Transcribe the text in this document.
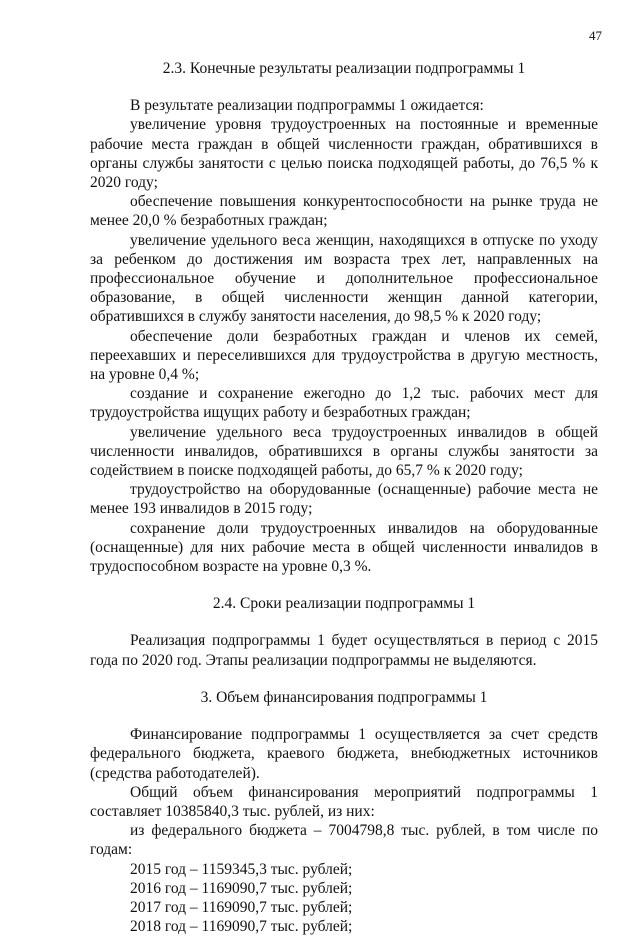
47

2.3. Конечные результаты реализации подпрограммы 1

В результате реализации подпрограммы 1 ожидается:

увеличение уровня трудоустроенных на постоянные и временные рабочие места граждан в общей численности граждан, обратившихся в органы службы занятости с целью поиска подходящей работы, до 76,5 % к 2020 году;

обеспечение повышения конкурентоспособности на рынке труда не менее 20,0 % безработных граждан;

увеличение удельного веса женщин, находящихся в отпуске по уходу за ребенком до достижения им возраста трех лет, направленных на профессиональное обучение и дополнительное профессиональное образование, в общей численности женщин данной категории, обратившихся в службу занятости населения, до 98,5 % к 2020 году;

обеспечение доли безработных граждан и членов их семей, переехавших и переселившихся для трудоустройства в другую местность, на уровне 0,4 %;

создание и сохранение ежегодно до 1,2 тыс. рабочих мест для трудоустройства ищущих работу и безработных граждан;

увеличение удельного веса трудоустроенных инвалидов в общей численности инвалидов, обратившихся в органы службы занятости за содействием в поиске подходящей работы, до 65,7 % к 2020 году;

трудоустройство на оборудованные (оснащенные) рабочие места не менее 193 инвалидов в 2015 году;

сохранение доли трудоустроенных инвалидов на оборудованные (оснащенные) для них рабочие места в общей численности инвалидов в трудоспособном возрасте на уровне 0,3 %.

2.4. Сроки реализации подпрограммы 1

Реализация подпрограммы 1 будет осуществляться в период с 2015 года по 2020 год. Этапы реализации подпрограммы не выделяются.

3. Объем финансирования подпрограммы 1

Финансирование подпрограммы 1 осуществляется за счет средств федерального бюджета, краевого бюджета, внебюджетных источников (средства работодателей).

Общий объем финансирования мероприятий подпрограммы 1 составляет 10385840,3 тыс. рублей, из них:

из федерального бюджета – 7004798,8 тыс. рублей, в том числе по годам:

2015 год – 1159345,3 тыс. рублей;

2016 год – 1169090,7 тыс. рублей;

2017 год – 1169090,7 тыс. рублей;

2018 год – 1169090,7 тыс. рублей;
